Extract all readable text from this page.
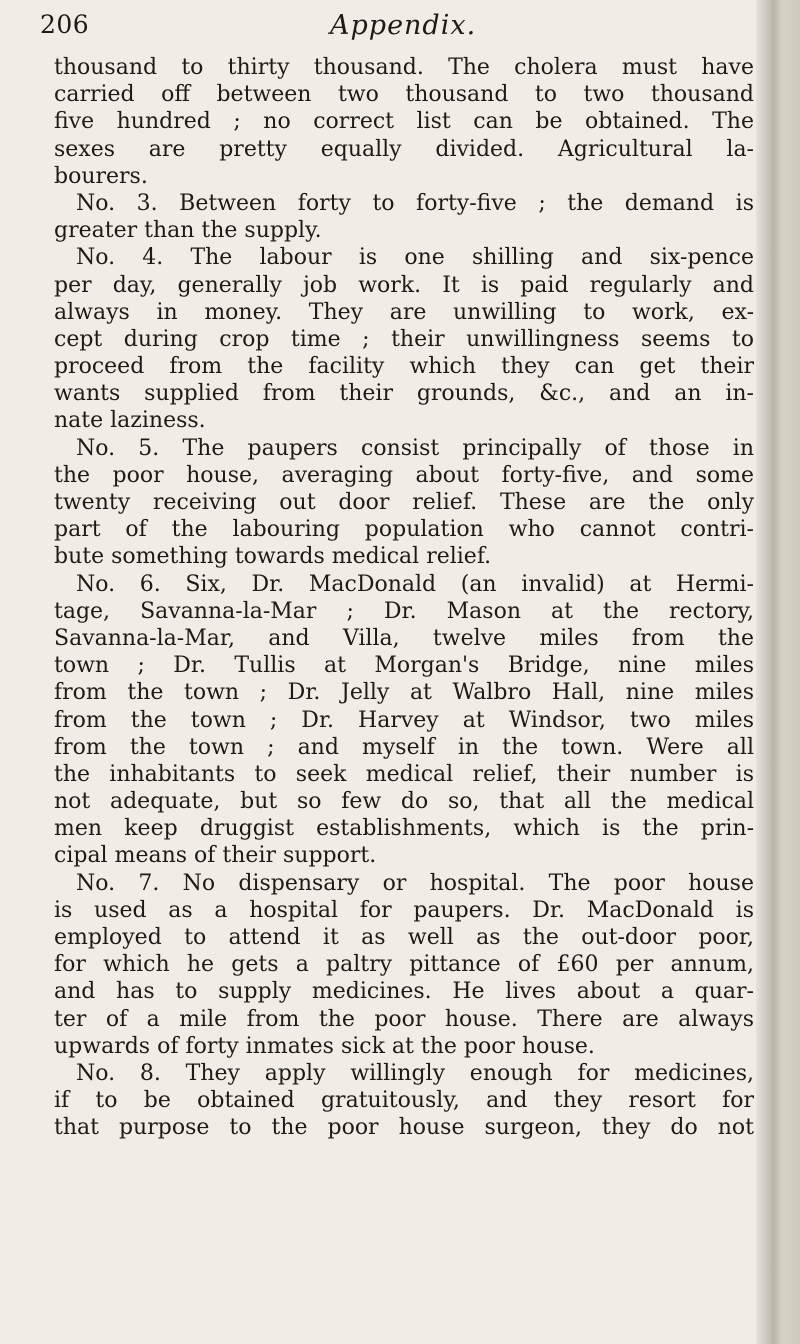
206	Appendix.
thousand to thirty thousand. The cholera must have
carried off between two thousand to two thousand
five hundred ; no correct list can be obtained. The
sexes are pretty equally divided. Agricultural la-
bourers.
No. 3. Between forty to forty-five ; the demand is
greater than the supply.
No. 4. The labour is one shilling and six-pence
per day, generally job work. It is paid regularly and
always in money. They are unwilling to work, ex-
cept during crop time ; their unwillingness seems to
proceed from the facility which they can get their
wants supplied from their grounds, &c., and an in-
nate laziness.
No. 5. The paupers consist principally of those in
the poor house, averaging about forty-five, and some
twenty receiving out door relief. These are the only
part of the labouring population who cannot contri-
bute something towards medical relief.
No. 6. Six, Dr. MacDonald (an invalid) at Hermi-
tage, Savanna-la-Mar ; Dr. Mason at the rectory,
Savanna-la-Mar, and Villa, twelve miles from the
town ; Dr. Tullis at Morgan's Bridge, nine miles
from the town ; Dr. Jelly at Walbro Hall, nine miles
from the town ; Dr. Harvey at Windsor, two miles
from the town ; and myself in the town. Were all
the inhabitants to seek medical relief, their number is
not adequate, but so few do so, that all the medical
men keep druggist establishments, which is the prin-
cipal means of their support.
No. 7. No dispensary or hospital. The poor house
is used as a hospital for paupers. Dr. MacDonald is
employed to attend it as well as the out-door poor,
for which he gets a paltry pittance of £60 per annum,
and has to supply medicines. He lives about a quar-
ter of a mile from the poor house. There are always
upwards of forty inmates sick at the poor house.
No. 8. They apply willingly enough for medicines,
if to be obtained gratuitously, and they resort for
that purpose to the poor house surgeon, they do not
